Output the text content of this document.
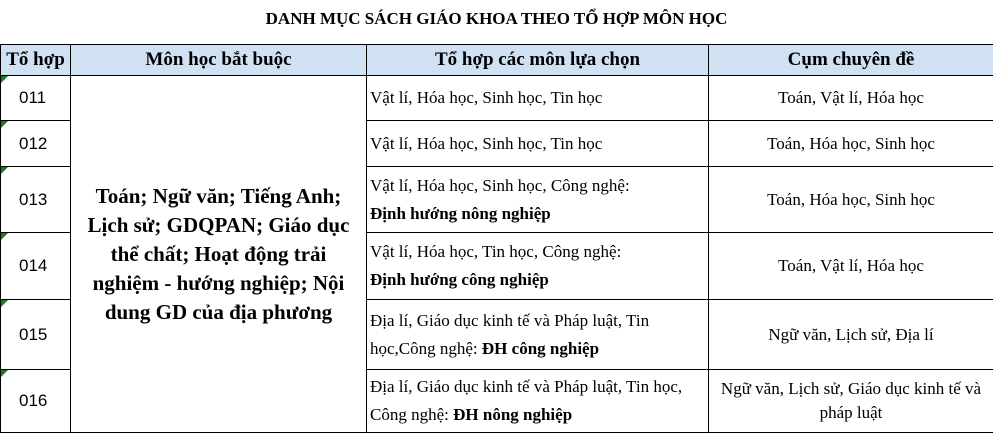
DANH MỤC SÁCH GIÁO KHOA THEO TỔ HỢP MÔN HỌC
Tổ hợp	Môn học bắt buộc	Tổ hợp các môn lựa chọn	Cụm chuyên đề

011	Toán; Ngữ văn; Tiếng Anh; Lịch sử; GDQPAN; Giáo dục thể chất; Hoạt động trải nghiệm - hướng nghiệp; Nội dung GD của địa phương	Vật lí, Hóa học, Sinh học, Tin học	Toán, Vật lí, Hóa học

012		Vật lí, Hóa học, Sinh học, Tin học	Toán, Hóa học, Sinh học

013		Vật lí, Hóa học, Sinh học, Công nghệ:
Định hướng nông nghiệp	Toán, Hóa học, Sinh học

014		Vật lí, Hóa học, Tin học, Công nghệ:
Định hướng công nghiệp	Toán, Vật lí, Hóa học

015		Địa lí, Giáo dục kinh tế và Pháp luật, Tin học,Công nghệ: ĐH công nghiệp	Ngữ văn, Lịch sử, Địa lí

016		Địa lí, Giáo dục kinh tế và Pháp luật, Tin học, Công nghệ: ĐH nông nghiệp	Ngữ văn, Lịch sử, Giáo dục kinh tế và pháp luật
